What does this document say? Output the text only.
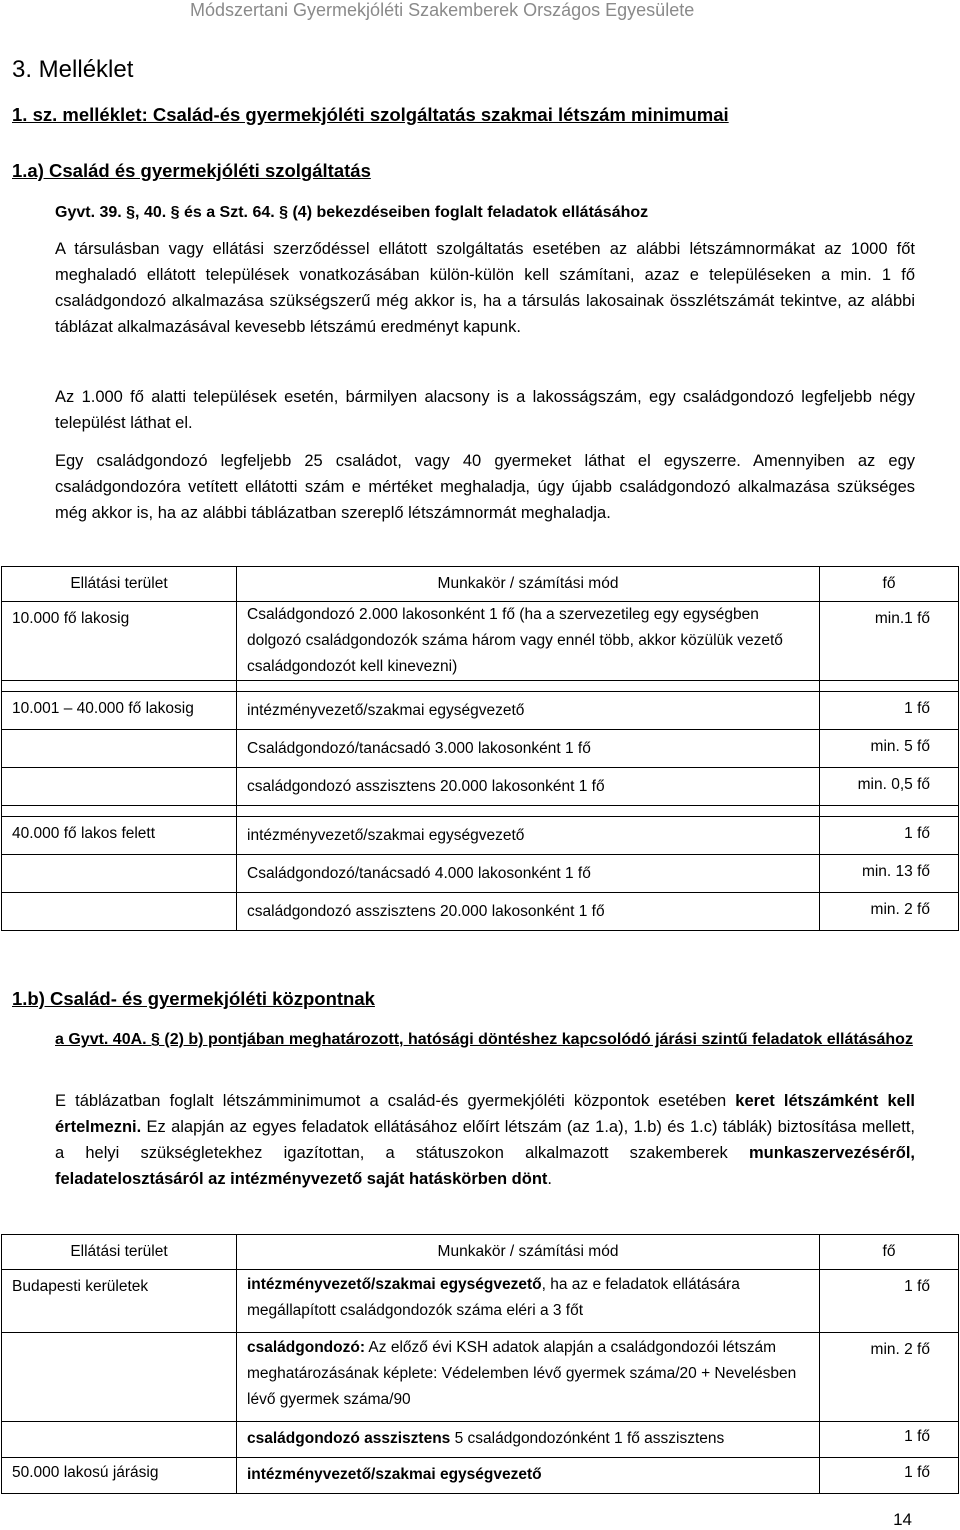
Módszertani Gyermekjóléti Szakemberek Országos Egyesülete
3. Melléklet
1. sz. melléklet: Család-és gyermekjóléti szolgáltatás szakmai létszám minimumai
1.a) Család és gyermekjóléti szolgáltatás
Gyvt. 39. §, 40. § és a Szt. 64. § (4) bekezdéseiben foglalt feladatok ellátásához
A társulásban vagy ellátási szerződéssel ellátott szolgáltatás esetében az alábbi létszámnormákat az 1000 főt meghaladó ellátott települések vonatkozásában külön-külön kell számítani, azaz e településeken a min. 1 fő családgondozó alkalmazása szükségszerű még akkor is, ha a társulás lakosainak összlétszámát tekintve, az alábbi táblázat alkalmazásával kevesebb létszámú eredményt kapunk.
Az 1.000 fő alatti települések esetén, bármilyen alacsony is a lakosságszám, egy családgondozó legfeljebb négy települést láthat el.
Egy családgondozó legfeljebb 25 családot, vagy 40 gyermeket láthat el egyszerre. Amennyiben az egy családgondozóra vetített ellátotti szám e mértéket meghaladja, úgy újabb családgondozó alkalmazása szükséges még akkor is, ha az alábbi táblázatban szereplő létszámnormát meghaladja.
Ellátási terület	Munkakör / számítási mód	fő
10.000 fő lakosig	Családgondozó 2.000 lakosonként 1 fő (ha a szervezetileg egy egységben dolgozó családgondozók száma három vagy ennél több, akkor közülük vezető családgondozót kell kinevezni)	min.1 fő

10.001 – 40.000 fő lakosig	intézményvezető/szakmai egységvezető	1 fő
	Családgondozó/tanácsadó 3.000 lakosonként 1 fő	min. 5 fő
	családgondozó asszisztens 20.000 lakosonként 1 fő	min. 0,5 fő

40.000 fő lakos felett	intézményvezető/szakmai egységvezető	1 fő
	Családgondozó/tanácsadó 4.000 lakosonként 1 fő	min. 13 fő
	családgondozó asszisztens 20.000 lakosonként 1 fő	min. 2 fő
1.b) Család- és gyermekjóléti központnak
a Gyvt. 40A. § (2) b) pontjában meghatározott, hatósági döntéshez kapcsolódó járási szintű feladatok ellátásához
E táblázatban foglalt létszámminimumot a család-és gyermekjóléti központok esetében keret létszámként kell értelmezni. Ez alapján az egyes feladatok ellátásához előírt létszám (az 1.a), 1.b) és 1.c) táblák) biztosítása mellett, a helyi szükségletekhez igazítottan, a státuszokon alkalmazott szakemberek munkaszervezéséről, feladatelosztásáról az intézményvezető saját hatáskörben dönt.
Ellátási terület	Munkakör / számítási mód	fő
Budapesti kerületek	intézményvezető/szakmai egységvezető, ha az e feladatok ellátására megállapított családgondozók száma eléri a 3 főt	1 fő
	családgondozó: Az előző évi KSH adatok alapján a családgondozói létszám meghatározásának képlete: Védelemben lévő gyermek száma/20 + Nevelésben lévő gyermek száma/90	min. 2 fő
	családgondozó asszisztens 5 családgondozónként 1 fő asszisztens	1 fő
50.000 lakosú járásig	intézményvezető/szakmai egységvezető	1 fő
14
